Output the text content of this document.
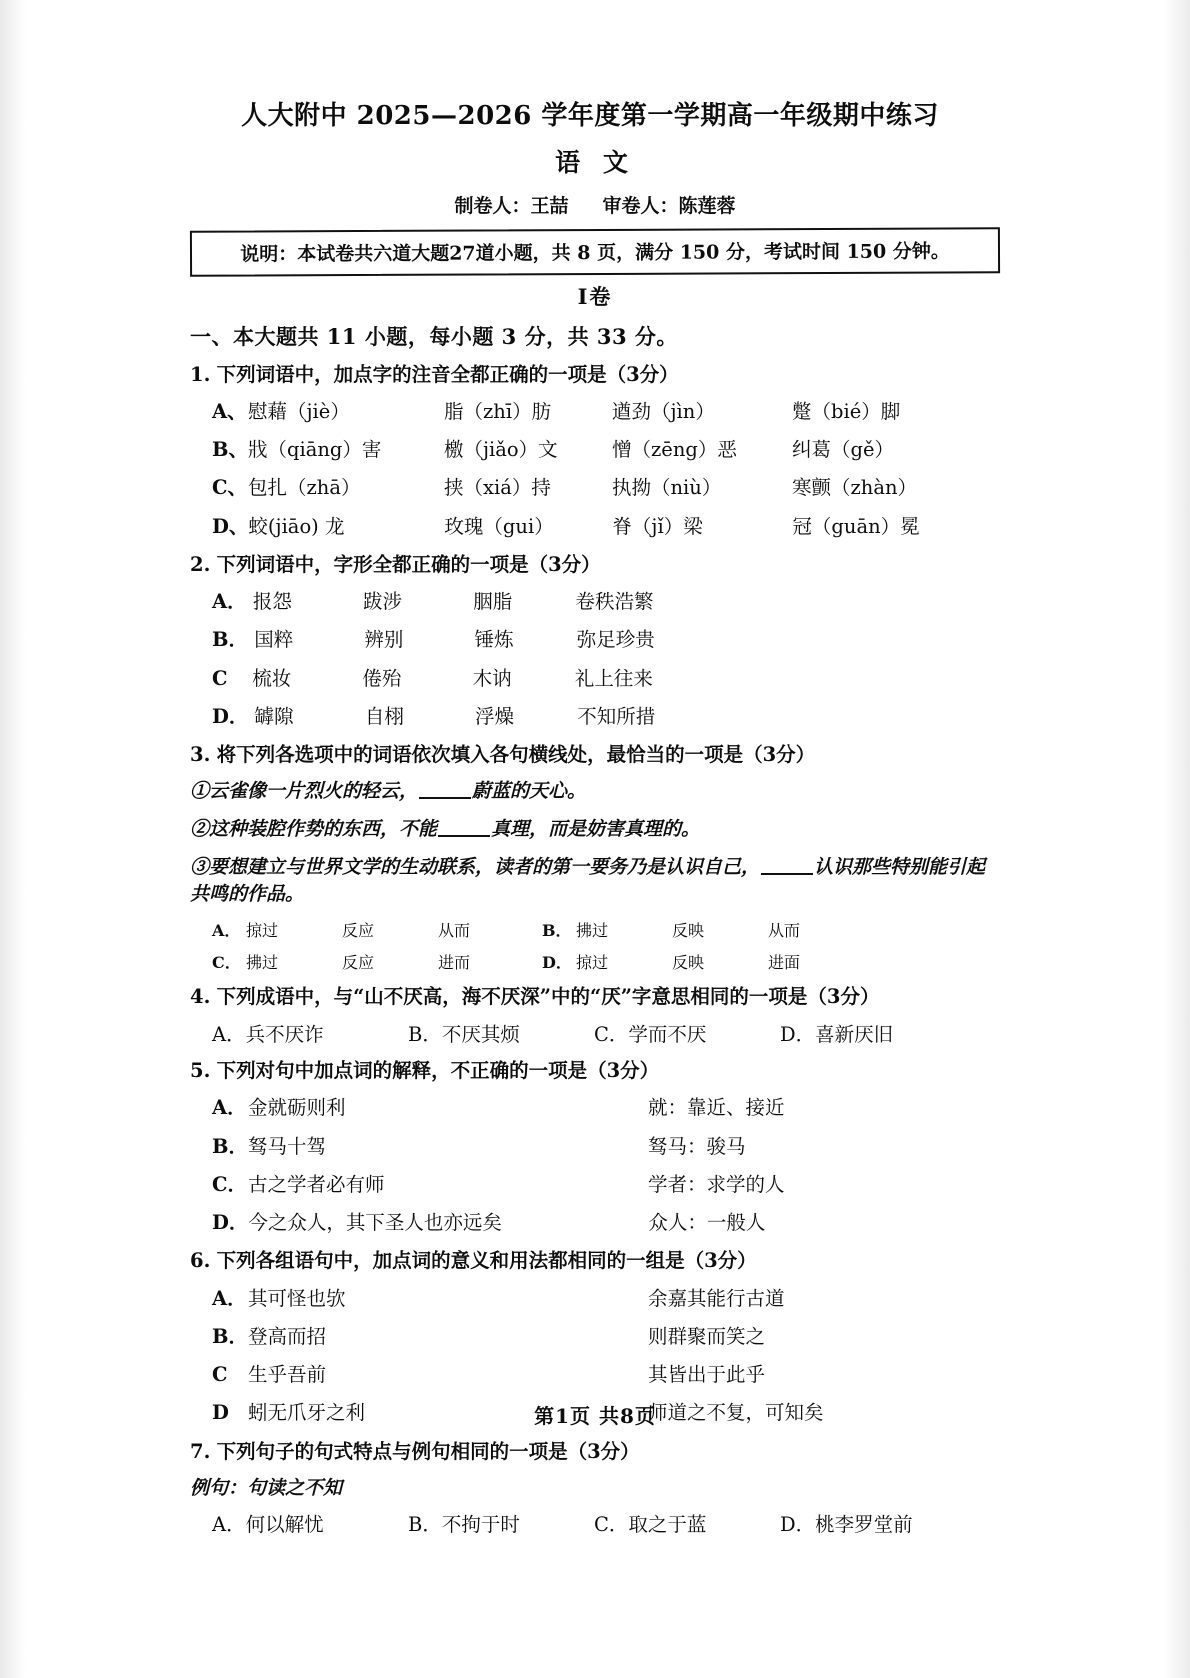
人大附中 2025—2026 学年度第一学期高一年级期中练习
语 文
制卷人：王喆 审卷人：陈莲蓉
说明：本试卷共六道大题27道小题，共 8 页，满分 150 分，考试时间 150 分钟。
I卷
一、本大题共 11 小题，每小题 3 分，共 33 分。
1. 下列词语中，加点字的注音全都正确的一项是（3分）
A、 慰藉（jiè）	脂（zhī）肪	遒劲（jìn）	蹩（bié）脚
B、 戕（qiāng）害	檄（jiǎo）文	憎（zēng）恶	纠葛（gě）
C、 包扎（zhā）	挟（xiá）持	执拗（niù）	寒颤（zhàn）
D、 蛟(jiāo) 龙	玫瑰（gui）	脊（jǐ）梁	冠（guān）冕
2. 下列词语中，字形全都正确的一项是（3分）
A． 报怨	跋涉	胭脂	卷秩浩繁
B． 国粹	辨别	锤炼	弥足珍贵
C 梳妆	倦殆	木讷	礼上往来
D． 罅隙	自栩	浮燥	不知所措
3. 将下列各选项中的词语依次填入各句横线处，最恰当的一项是（3分）
①云雀像一片烈火的轻云，	蔚蓝的天心。
②这种装腔作势的东西，不能	真理，而是妨害真理的。
③要想建立与世界文学的生动联系，读者的第一要务乃是认识自己，	认识那些特别能引起共鸣的作品。
A． 掠过	反应	从而	B． 拂过	反映	从而
C． 拂过	反应	进而	D． 掠过	反映	进面
4. 下列成语中，与“山不厌高，海不厌深”中的“厌”字意思相同的一项是（3分）
A．兵不厌诈	B．不厌其烦	C．学而不厌	D．喜新厌旧
5. 下列对句中加点词的解释，不正确的一项是（3分）
A． 金就砺则利	就：靠近、接近
B． 驽马十驾	驽马：骏马
C． 古之学者必有师	学者：求学的人
D． 今之众人，其下圣人也亦远矣	众人：一般人
6. 下列各组语句中，加点词的意义和用法都相同的一组是（3分）
A． 其可怪也欤	余嘉其能行古道
B． 登高而招	则群聚而笑之
C	生乎吾前	其皆出于此乎
D 蚓无爪牙之利	师道之不复，可知矣
7. 下列句子的句式特点与例句相同的一项是（3分）
例句：句读之不知
A．何以解忧	B．不拘于时	C．取之于蓝	D．桃李罗堂前
第1页 共8页
